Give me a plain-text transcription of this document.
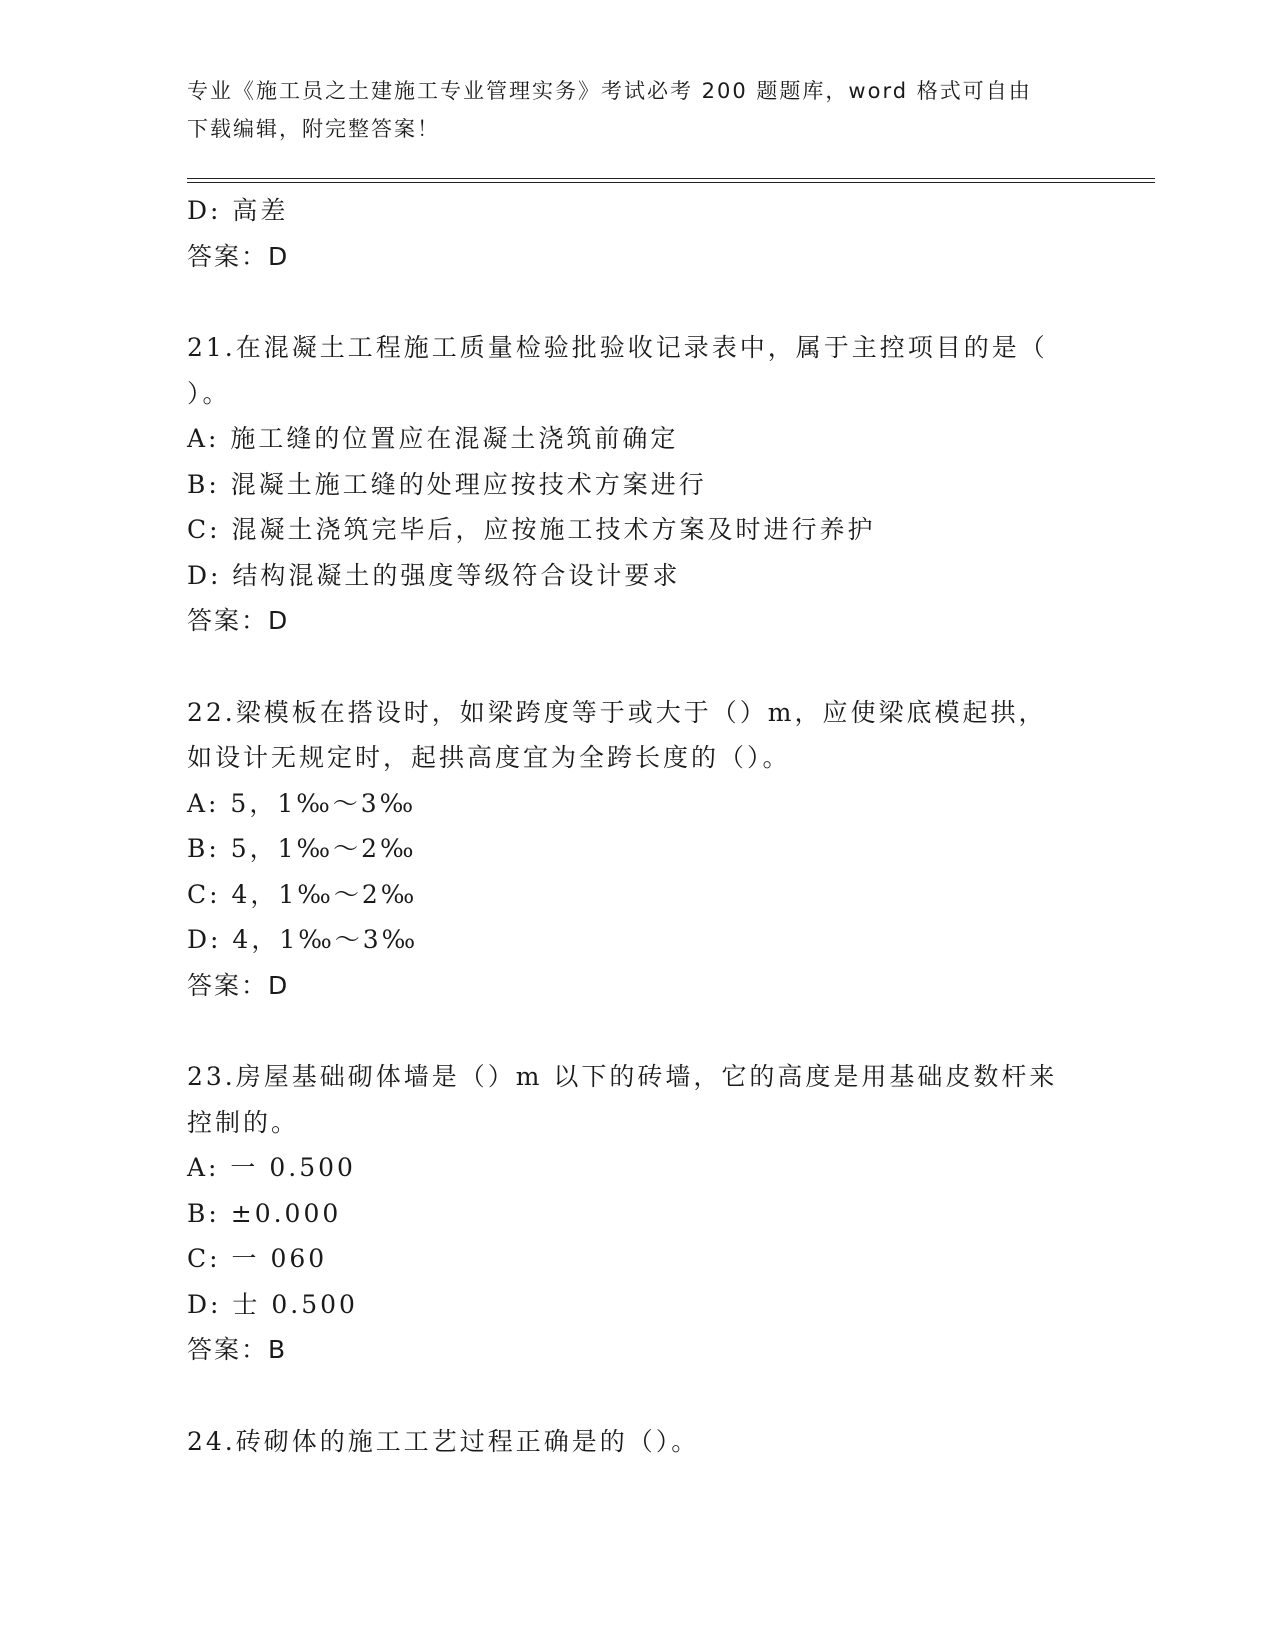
专业《施工员之土建施工专业管理实务》考试必考 200 题题库，word 格式可自由
下载编辑，附完整答案！
D: 高差
答案：D
21.在混凝土工程施工质量检验批验收记录表中，属于主控项目的是（
）。
A: 施工缝的位置应在混凝土浇筑前确定
B: 混凝土施工缝的处理应按技术方案进行
C: 混凝土浇筑完毕后，应按施工技术方案及时进行养护
D: 结构混凝土的强度等级符合设计要求
答案：D
22.梁模板在搭设时，如梁跨度等于或大于（）m，应使梁底模起拱，
如设计无规定时，起拱高度宜为全跨长度的（）。
A: 5，1‰～3‰
B: 5，1‰～2‰
C: 4，1‰～2‰
D: 4，1‰～3‰
答案：D
23.房屋基础砌体墙是（）m 以下的砖墙，它的高度是用基础皮数杆来
控制的。
A: 一 0.500
B: ±0.000
C: 一 060
D: 士 0.500
答案：B
24.砖砌体的施工工艺过程正确是的（）。
